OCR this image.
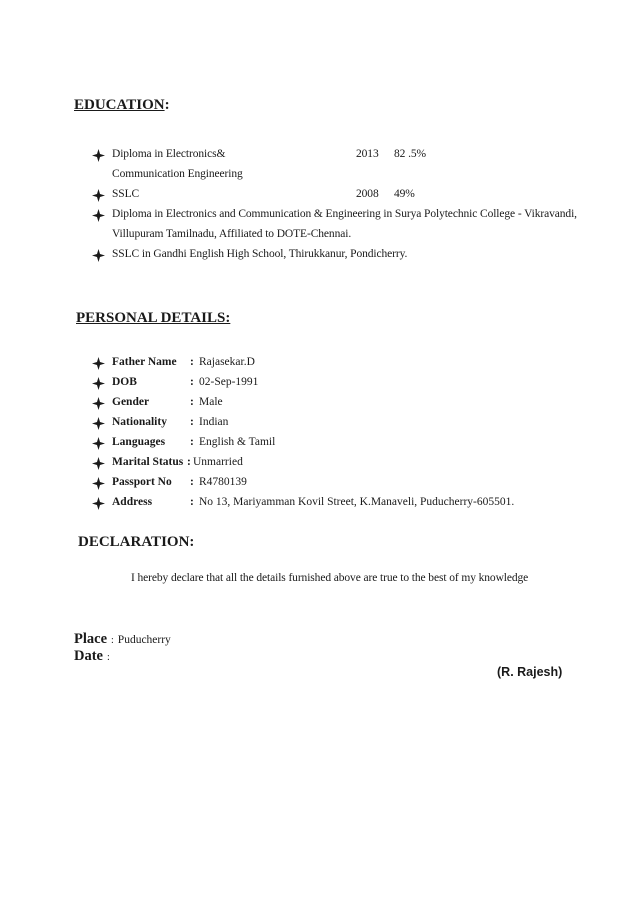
EDUCATION:
Diploma in Electronics&	2013 82 .5%
Communication Engineering
SSLC	2008 49%
Diploma in Electronics and Communication & Engineering in Surya Polytechnic College - Vikravandi,
Villupuram Tamilnadu, Affiliated to DOTE-Chennai.
SSLC in Gandhi English High School, Thirukkanur, Pondicherry.
PERSONAL DETAILS:
Father Name : Rajasekar.D
DOB	: 02-Sep-1991
Gender	: Male
Nationality : Indian
Languages : English & Tamil
Marital Status : Unmarried
Passport No : R4780139
Address	: No 13, Mariyamman Kovil Street, K.Manaveli, Puducherry-605501.
DECLARATION:
I hereby declare that all the details furnished above are true to the best of my knowledge
Place : Puducherry
Date :
(R. Rajesh)
